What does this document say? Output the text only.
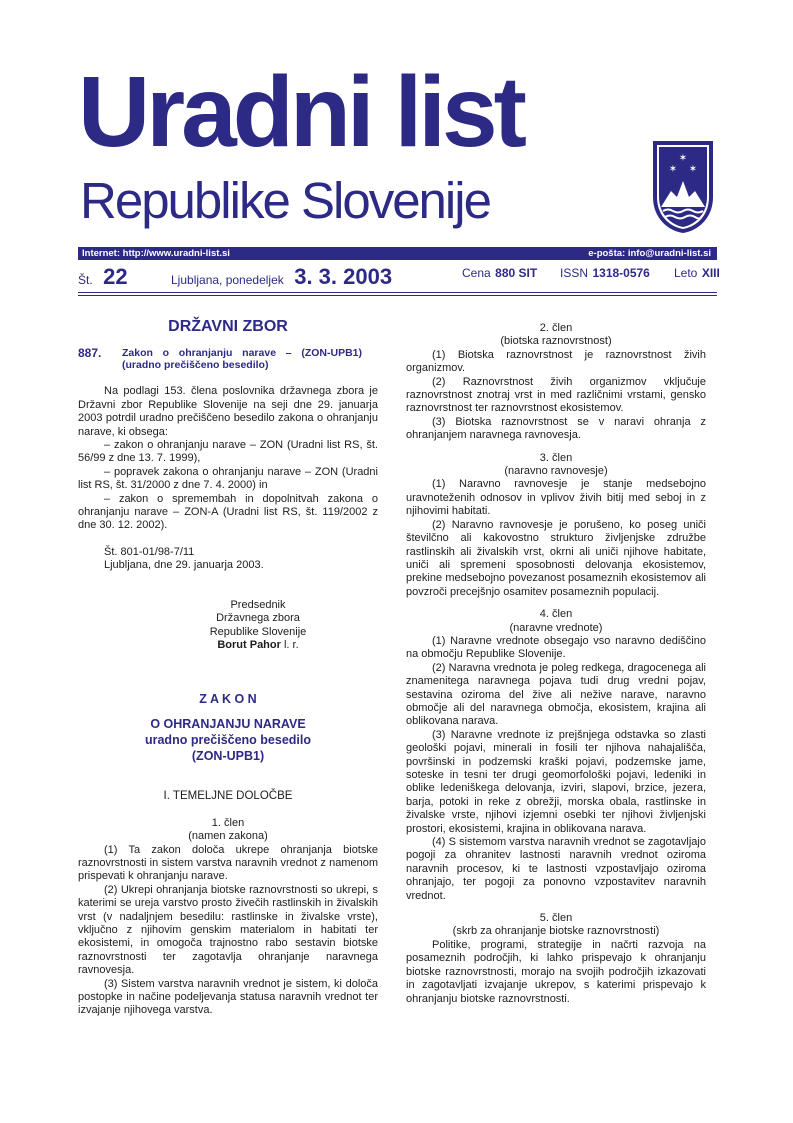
Uradni list
Republike Slovenije
✶
✶ ✶
Internet: http://www.uradni-list.si	e-pošta: info@uradni-list.si
Št. 22	Ljubljana, ponedeljek 3. 3. 2003	Cena 880 SIT ISSN 1318-0576 Leto XIII
DRŽAVNI ZBOR
887. Zakon o ohranjanju narave – (ZON-UPB1) (uradno prečiščeno besedilo)

Na podlagi 153. člena poslovnika državnega zbora je Državni zbor Republike Slovenije na seji dne 29. januarja 2003 potrdil uradno prečiščeno besedilo zakona o ohranjanju narave, ki obsega:

– zakon o ohranjanju narave – ZON (Uradni list RS, št. 56/99 z dne 13. 7. 1999),

– popravek zakona o ohranjanju narave – ZON (Uradni list RS, št. 31/2000 z dne 7. 4. 2000) in

– zakon o spremembah in dopolnitvah zakona o ohranjanju narave – ZON-A (Uradni list RS, št. 119/2002 z dne 30. 12. 2002).

Št. 801-01/98-7/11

Ljubljana, dne 29. januarja 2003.

Predsednik

Državnega zbora

Republike Slovenije

Borut Pahor l. r.

Z A K O N
O OHRANJANJU NARAVE
uradno prečiščeno besedilo
(ZON-UPB1)

I. TEMELJNE DOLOČBE

1. člen

(namen zakona)

(1) Ta zakon določa ukrepe ohranjanja biotske raznovrstnosti in sistem varstva naravnih vrednot z namenom prispevati k ohranjanju narave.

(2) Ukrepi ohranjanja biotske raznovrstnosti so ukrepi, s katerimi se ureja varstvo prosto živečih rastlinskih in živalskih vrst (v nadaljnjem besedilu: rastlinske in živalske vrste), vključno z njihovim genskim materialom in habitati ter ekosistemi, in omogoča trajnostno rabo sestavin biotske raznovrstnosti ter zagotavlja ohranjanje naravnega ravnovesja.

(3) Sistem varstva naravnih vrednot je sistem, ki določa postopke in načine podeljevanja statusa naravnih vrednot ter izvajanje njihovega varstva.

2. člen

(biotska raznovrstnost)

(1) Biotska raznovrstnost je raznovrstnost živih organizmov.

(2) Raznovrstnost živih organizmov vključuje raznovrstnost znotraj vrst in med različnimi vrstami, gensko raznovrstnost ter raznovrstnost ekosistemov.

(3) Biotska raznovrstnost se v naravi ohranja z ohranjanjem naravnega ravnovesja.

3. člen

(naravno ravnovesje)

(1) Naravno ravnovesje je stanje medsebojno uravnoteženih odnosov in vplivov živih bitij med seboj in z njihovimi habitati.

(2) Naravno ravnovesje je porušeno, ko poseg uniči številčno ali kakovostno strukturo življenjske združbe rastlinskih ali živalskih vrst, okrni ali uniči njihove habitate, uniči ali spremeni sposobnosti delovanja ekosistemov, prekine medsebojno povezanost posameznih ekosistemov ali povzroči precejšnjo osamitev posameznih populacij.

4. člen

(naravne vrednote)

(1) Naravne vrednote obsegajo vso naravno dediščino na območju Republike Slovenije.

(2) Naravna vrednota je poleg redkega, dragocenega ali znamenitega naravnega pojava tudi drug vredni pojav, sestavina oziroma del žive ali nežive narave, naravno območje ali del naravnega območja, ekosistem, krajina ali oblikovana narava.

(3) Naravne vrednote iz prejšnjega odstavka so zlasti geološki pojavi, minerali in fosili ter njihova nahajališča, površinski in podzemski kraški pojavi, podzemske jame, soteske in tesni ter drugi geomorfološki pojavi, ledeniki in oblike ledeniškega delovanja, izviri, slapovi, brzice, jezera, barja, potoki in reke z obrežji, morska obala, rastlinske in živalske vrste, njihovi izjemni osebki ter njihovi življenjski prostori, ekosistemi, krajina in oblikovana narava.

(4) S sistemom varstva naravnih vrednot se zagotavljajo pogoji za ohranitev lastnosti naravnih vrednot oziroma naravnih procesov, ki te lastnosti vzpostavljajo oziroma ohranjajo, ter pogoji za ponovno vzpostavitev naravnih vrednot.

5. člen

(skrb za ohranjanje biotske raznovrstnosti)

Politike, programi, strategije in načrti razvoja na posameznih področjih, ki lahko prispevajo k ohranjanju biotske raznovrstnosti, morajo na svojih področjih izkazovati in zagotavljati izvajanje ukrepov, s katerimi prispevajo k ohranjanju biotske raznovrstnosti.
